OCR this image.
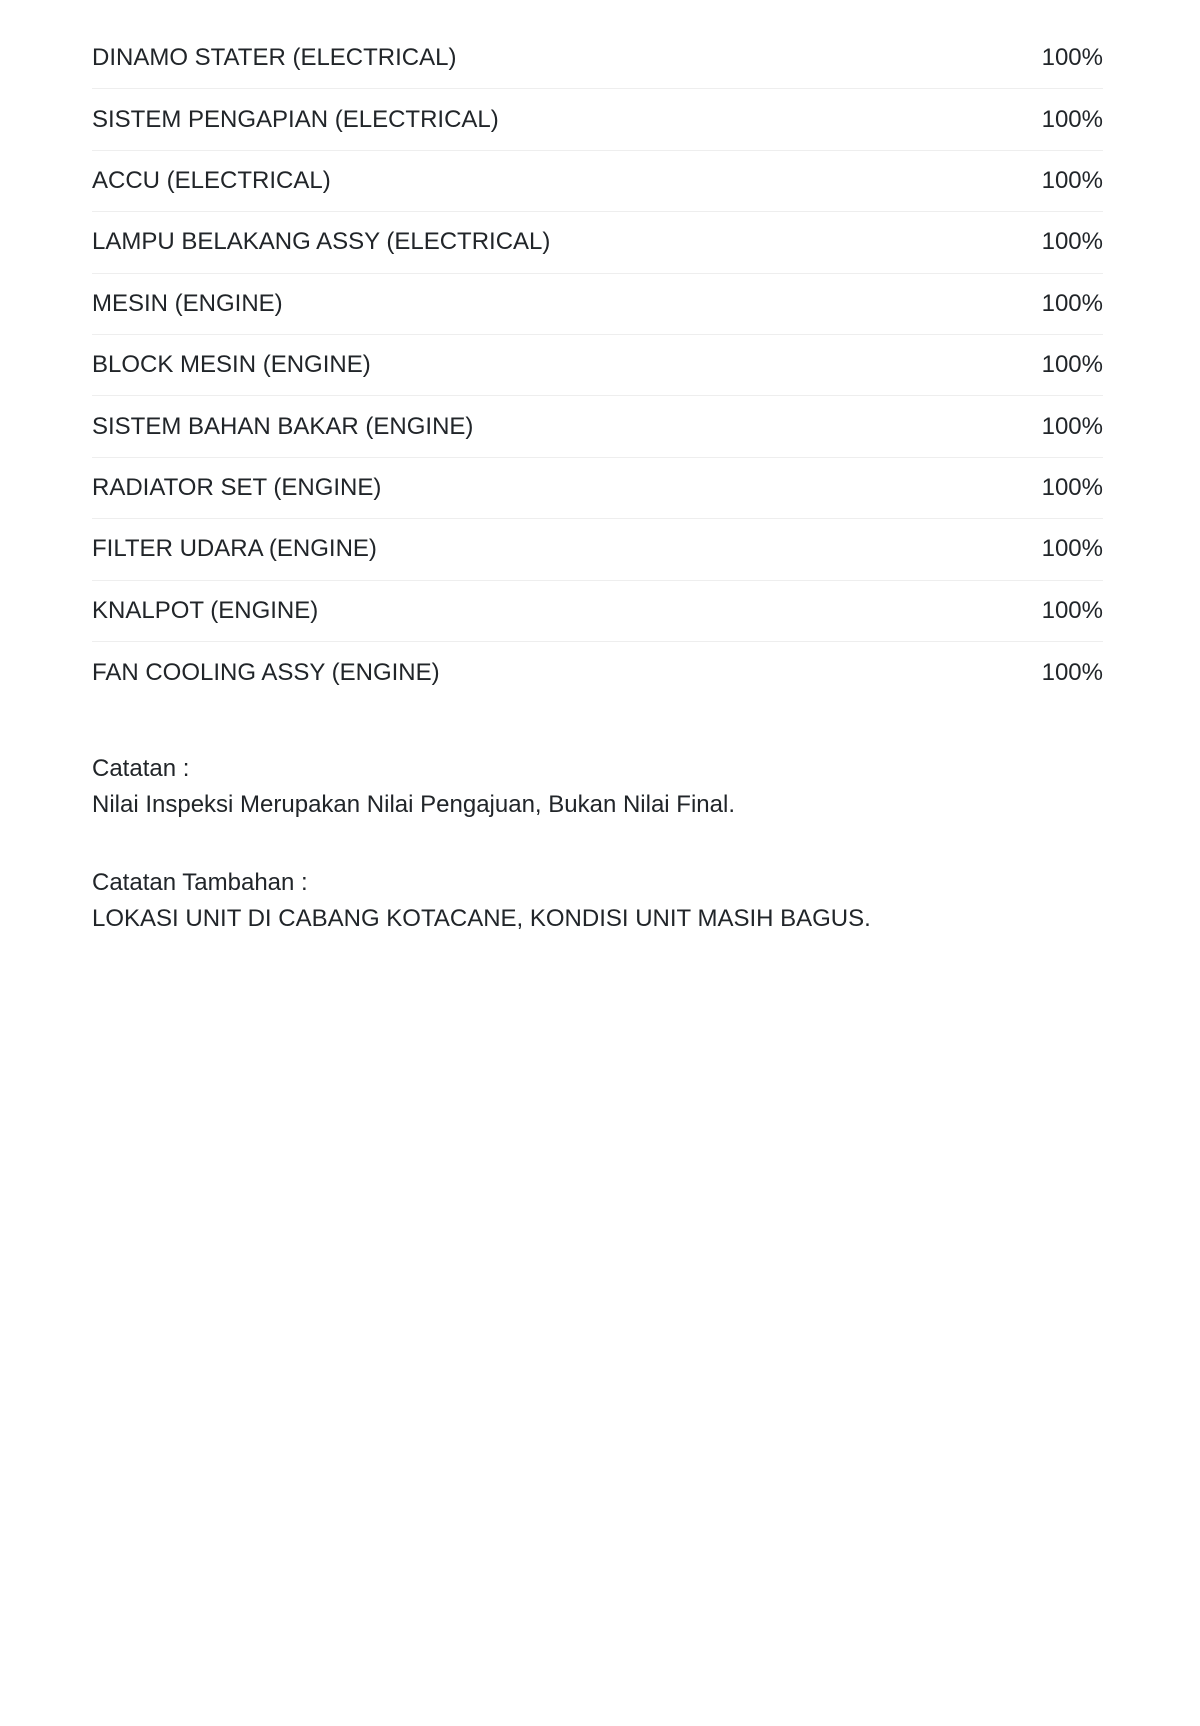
DINAMO STATER (ELECTRICAL)	100%
SISTEM PENGAPIAN (ELECTRICAL)	100%
ACCU (ELECTRICAL)	100%
LAMPU BELAKANG ASSY (ELECTRICAL)	100%
MESIN (ENGINE)	100%
BLOCK MESIN (ENGINE)	100%
SISTEM BAHAN BAKAR (ENGINE)	100%
RADIATOR SET (ENGINE)	100%
FILTER UDARA (ENGINE)	100%
KNALPOT (ENGINE)	100%
FAN COOLING ASSY (ENGINE)	100%
Catatan :
Nilai Inspeksi Merupakan Nilai Pengajuan, Bukan Nilai Final.
Catatan Tambahan :
LOKASI UNIT DI CABANG KOTACANE, KONDISI UNIT MASIH BAGUS.
